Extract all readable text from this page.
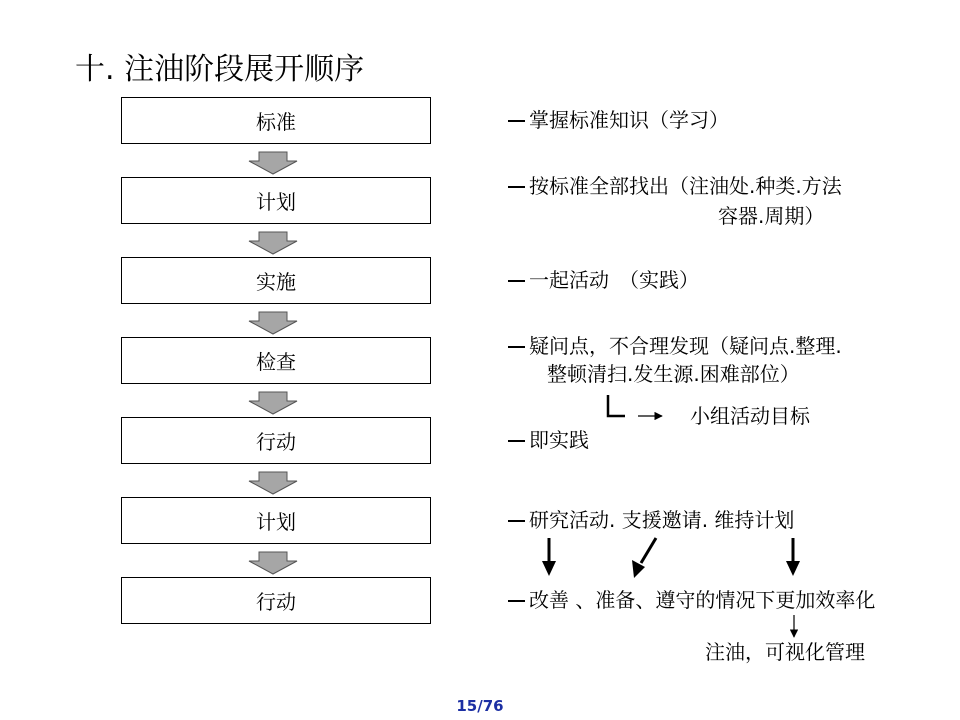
十. 注油阶段展开顺序
标准
计划
实施
检查
行动
计划
行动
掌握标准知识（学习）
按标准全部找出（注油处.种类.方法
容器.周期）
一起活动　（实践）
疑问点，不合理发现（疑问点.整理.
整顿清扫.发生源.困难部位）
小组活动目标
即实践
研究活动. 支援邀请. 维持计划
改善 、准备、遵守的情况下更加效率化
注油，可视化管理
15/76
